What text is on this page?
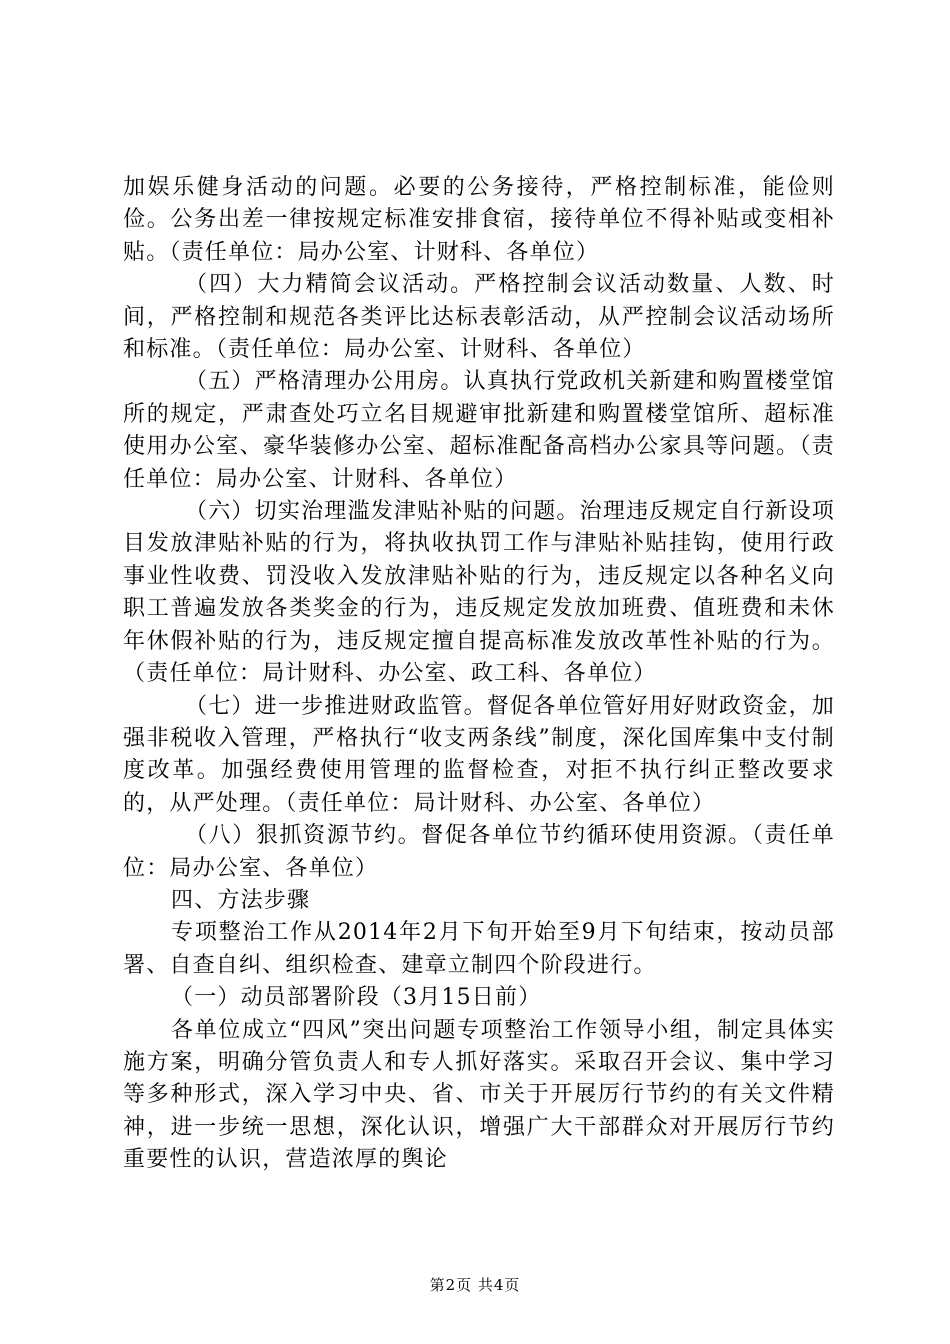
加娱乐健身活动的问题。必要的公务接待，严格控制标准，能俭则俭。公务出差一律按规定标准安排食宿，接待单位不得补贴或变相补贴。（责任单位：局办公室、计财科、各单位）

（四）大力精简会议活动。严格控制会议活动数量、人数、时间，严格控制和规范各类评比达标表彰活动，从严控制会议活动场所和标准。（责任单位：局办公室、计财科、各单位）

（五）严格清理办公用房。认真执行党政机关新建和购置楼堂馆所的规定，严肃查处巧立名目规避审批新建和购置楼堂馆所、超标准使用办公室、豪华装修办公室、超标准配备高档办公家具等问题。（责任单位：局办公室、计财科、各单位）

（六）切实治理滥发津贴补贴的问题。治理违反规定自行新设项目发放津贴补贴的行为，将执收执罚工作与津贴补贴挂钩，使用行政事业性收费、罚没收入发放津贴补贴的行为，违反规定以各种名义向职工普遍发放各类奖金的行为，违反规定发放加班费、值班费和未休年休假补贴的行为，违反规定擅自提高标准发放改革性补贴的行为。（责任单位：局计财科、办公室、政工科、各单位）

（七）进一步推进财政监管。督促各单位管好用好财政资金，加强非税收入管理，严格执行“收支两条线”制度，深化国库集中支付制度改革。加强经费使用管理的监督检查，对拒不执行纠正整改要求的，从严处理。（责任单位：局计财科、办公室、各单位）

（八）狠抓资源节约。督促各单位节约循环使用资源。（责任单位：局办公室、各单位）

四、方法步骤

专项整治工作从2014年2月下旬开始至9月下旬结束，按动员部署、自查自纠、组织检查、建章立制四个阶段进行。

（一）动员部署阶段（3月15日前）

各单位成立“四风”突出问题专项整治工作领导小组，制定具体实施方案，明确分管负责人和专人抓好落实。采取召开会议、集中学习等多种形式，深入学习中央、省、市关于开展厉行节约的有关文件精神，进一步统一思想，深化认识，增强广大干部群众对开展厉行节约重要性的认识，营造浓厚的舆论

第2页 共4页
